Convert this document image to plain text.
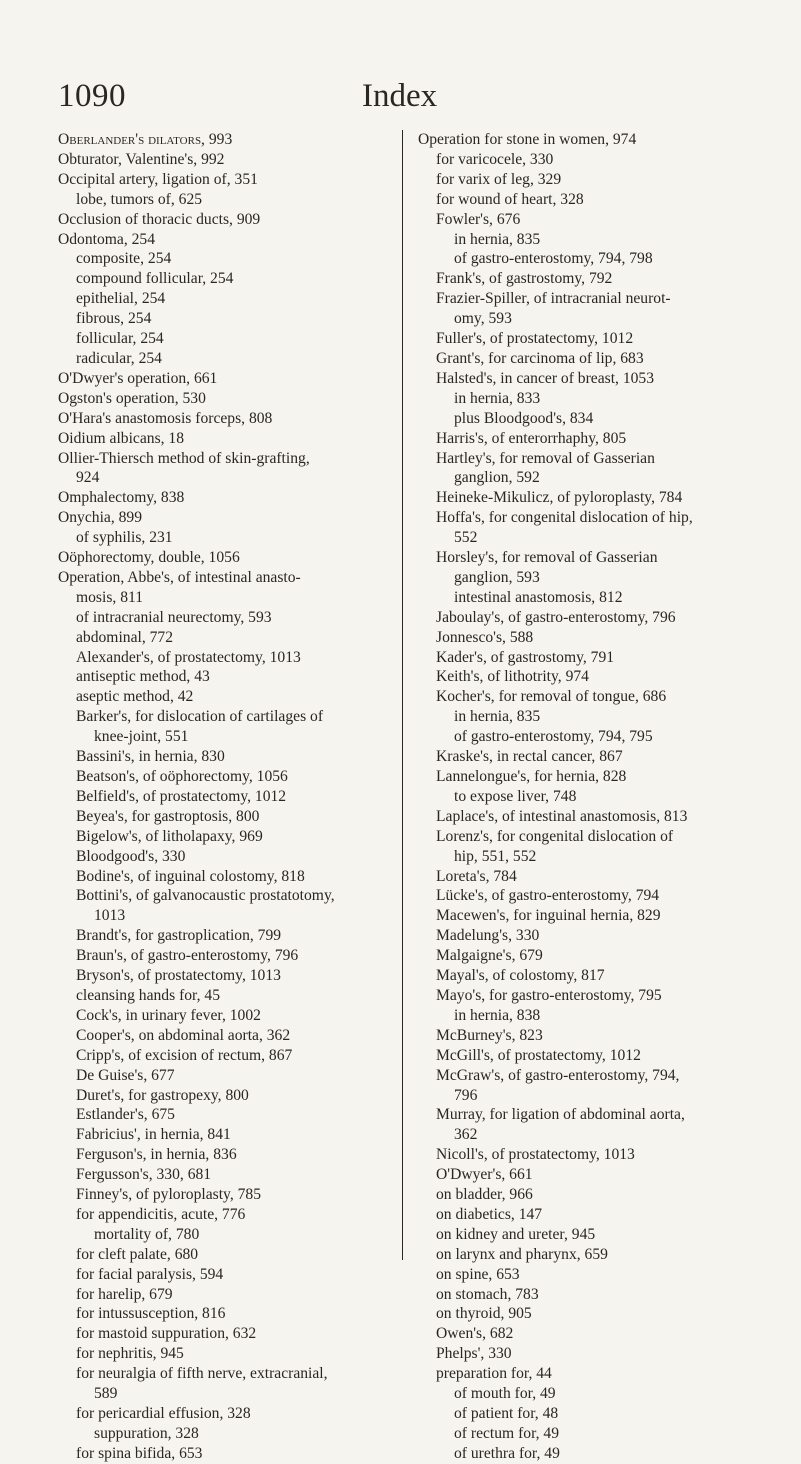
1090	Index

Oberlander's dilators, 993

Obturator, Valentine's, 992

Occipital artery, ligation of, 351

lobe, tumors of, 625

Occlusion of thoracic ducts, 909

Odontoma, 254

composite, 254

compound follicular, 254

epithelial, 254

fibrous, 254

follicular, 254

radicular, 254

O'Dwyer's operation, 661

Ogston's operation, 530

O'Hara's anastomosis forceps, 808

Oidium albicans, 18

Ollier-Thiersch method of skin-grafting,

924

Omphalectomy, 838

Onychia, 899

of syphilis, 231

Oöphorectomy, double, 1056

Operation, Abbe's, of intestinal anasto-

mosis, 811

of intracranial neurectomy, 593

abdominal, 772

Alexander's, of prostatectomy, 1013

antiseptic method, 43

aseptic method, 42

Barker's, for dislocation of cartilages of

knee-joint, 551

Bassini's, in hernia, 830

Beatson's, of oöphorectomy, 1056

Belfield's, of prostatectomy, 1012

Beyea's, for gastroptosis, 800

Bigelow's, of litholapaxy, 969

Bloodgood's, 330

Bodine's, of inguinal colostomy, 818

Bottini's, of galvanocaustic prostatotomy,

1013

Brandt's, for gastroplication, 799

Braun's, of gastro-enterostomy, 796

Bryson's, of prostatectomy, 1013

cleansing hands for, 45

Cock's, in urinary fever, 1002

Cooper's, on abdominal aorta, 362

Cripp's, of excision of rectum, 867

De Guise's, 677

Duret's, for gastropexy, 800

Estlander's, 675

Fabricius', in hernia, 841

Ferguson's, in hernia, 836

Fergusson's, 330, 681

Finney's, of pyloroplasty, 785

for appendicitis, acute, 776

mortality of, 780

for cleft palate, 680

for facial paralysis, 594

for harelip, 679

for intussusception, 816

for mastoid suppuration, 632

for nephritis, 945

for neuralgia of fifth nerve, extracranial,

589

for pericardial effusion, 328

suppuration, 328

for spina bifida, 653

Operation for stone in women, 974

for varicocele, 330

for varix of leg, 329

for wound of heart, 328

Fowler's, 676

in hernia, 835

of gastro-enterostomy, 794, 798

Frank's, of gastrostomy, 792

Frazier-Spiller, of intracranial neurot-

omy, 593

Fuller's, of prostatectomy, 1012

Grant's, for carcinoma of lip, 683

Halsted's, in cancer of breast, 1053

in hernia, 833

plus Bloodgood's, 834

Harris's, of enterorrhaphy, 805

Hartley's, for removal of Gasserian

ganglion, 592

Heineke-Mikulicz, of pyloroplasty, 784

Hoffa's, for congenital dislocation of hip,

552

Horsley's, for removal of Gasserian

ganglion, 593

intestinal anastomosis, 812

Jaboulay's, of gastro-enterostomy, 796

Jonnesco's, 588

Kader's, of gastrostomy, 791

Keith's, of lithotrity, 974

Kocher's, for removal of tongue, 686

in hernia, 835

of gastro-enterostomy, 794, 795

Kraske's, in rectal cancer, 867

Lannelongue's, for hernia, 828

to expose liver, 748

Laplace's, of intestinal anastomosis, 813

Lorenz's, for congenital dislocation of

hip, 551, 552

Loreta's, 784

Lücke's, of gastro-enterostomy, 794

Macewen's, for inguinal hernia, 829

Madelung's, 330

Malgaigne's, 679

Mayal's, of colostomy, 817

Mayo's, for gastro-enterostomy, 795

in hernia, 838

McBurney's, 823

McGill's, of prostatectomy, 1012

McGraw's, of gastro-enterostomy, 794,

796

Murray, for ligation of abdominal aorta,

362

Nicoll's, of prostatectomy, 1013

O'Dwyer's, 661

on bladder, 966

on diabetics, 147

on kidney and ureter, 945

on larynx and pharynx, 659

on spine, 653

on stomach, 783

on thyroid, 905

Owen's, 682

Phelps', 330

preparation for, 44

of mouth for, 49

of patient for, 48

of rectum for, 49

of urethra for, 49
